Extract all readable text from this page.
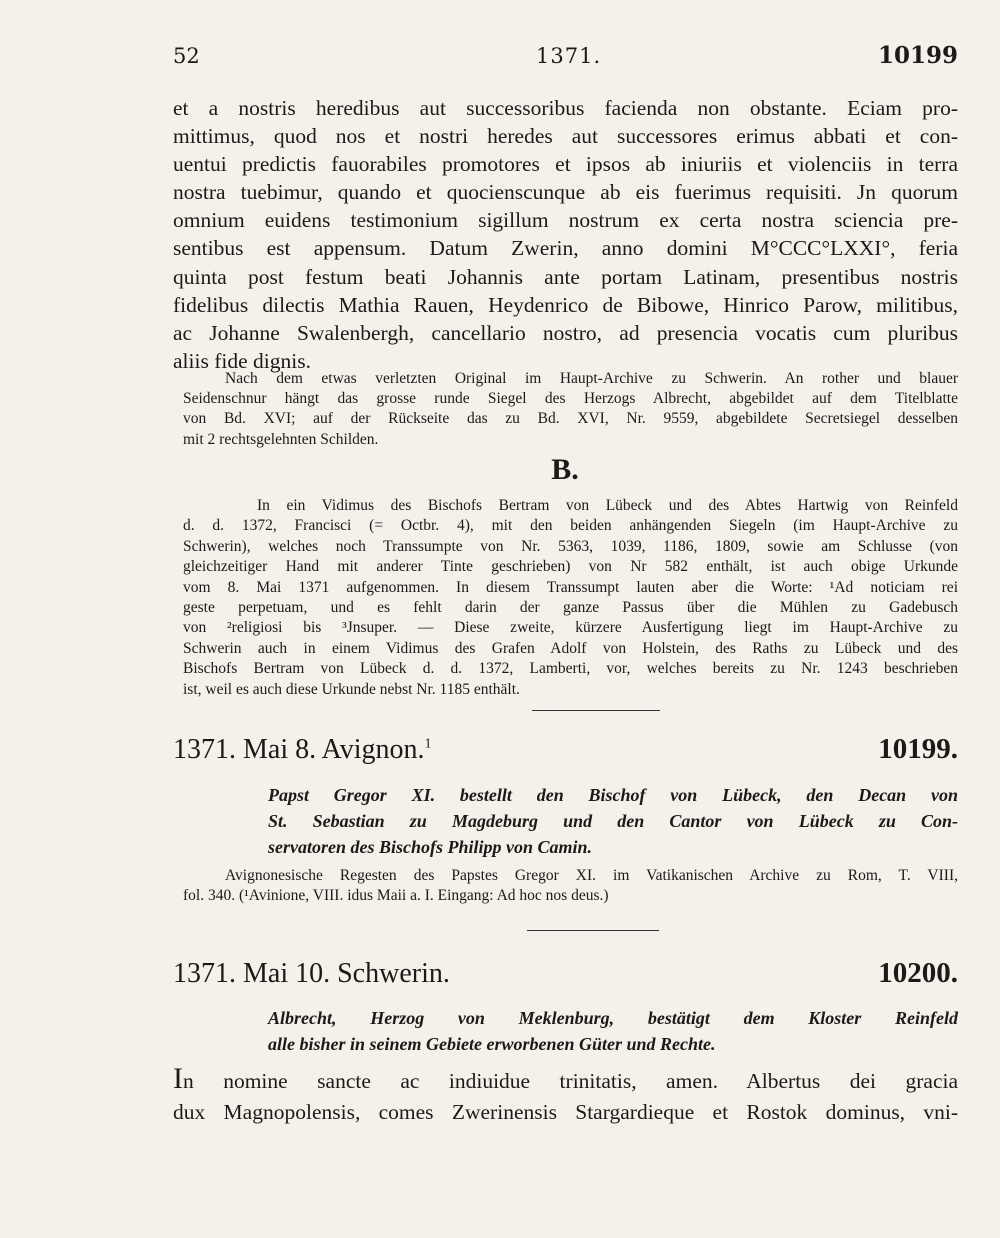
52	1371.	10199
et a nostris heredibus aut successoribus facienda non obstante. Eciam pro-
mittimus, quod nos et nostri heredes aut successores erimus abbati et con-
uentui predictis fauorabiles promotores et ipsos ab iniuriis et violenciis in terra
nostra tuebimur, quando et quocienscunque ab eis fuerimus requisiti. Jn quorum
omnium euidens testimonium sigillum nostrum ex certa nostra sciencia pre-
sentibus est appensum. Datum Zwerin, anno domini M°CCC°LXXI°, feria
quinta post festum beati Johannis ante portam Latinam, presentibus nostris
fidelibus dilectis Mathia Rauen, Heydenrico de Bibowe, Hinrico Parow, militibus,
ac Johanne Swalenbergh, cancellario nostro, ad presencia vocatis cum pluribus
aliis fide dignis.
Nach dem etwas verletzten Original im Haupt-Archive zu Schwerin. An rother und blauer
Seidenschnur hängt das grosse runde Siegel des Herzogs Albrecht, abgebildet auf dem Titelblatte
von Bd. XVI; auf der Rückseite das zu Bd. XVI, Nr. 9559, abgebildete Secretsiegel desselben
mit 2 rechtsgelehnten Schilden.
B.
In ein Vidimus des Bischofs Bertram von Lübeck und des Abtes Hartwig von Reinfeld
d. d. 1372, Francisci (= Octbr. 4), mit den beiden anhängenden Siegeln (im Haupt-Archive zu
Schwerin), welches noch Transsumpte von Nr. 5363, 1039, 1186, 1809, sowie am Schlusse (von
gleichzeitiger Hand mit anderer Tinte geschrieben) von Nr 582 enthält, ist auch obige Urkunde
vom 8. Mai 1371 aufgenommen. In diesem Transsumpt lauten aber die Worte: ¹Ad noticiam rei
geste perpetuam, und es fehlt darin der ganze Passus über die Mühlen zu Gadebusch
von ²religiosi bis ³Jnsuper. — Diese zweite, kürzere Ausfertigung liegt im Haupt-Archive zu
Schwerin auch in einem Vidimus des Grafen Adolf von Holstein, des Raths zu Lübeck und des
Bischofs Bertram von Lübeck d. d. 1372, Lamberti, vor, welches bereits zu Nr. 1243 beschrieben
ist, weil es auch diese Urkunde nebst Nr. 1185 enthält.
1371. Mai 8. Avignon.$^1$	10199.
Papst Gregor XI. bestellt den Bischof von Lübeck, den Decan von
St. Sebastian zu Magdeburg und den Cantor von Lübeck zu Con-
servatoren des Bischofs Philipp von Camin.
Avignonesische Regesten des Papstes Gregor XI. im Vatikanischen Archive zu Rom, T. VIII,
fol. 340. (¹Avinione, VIII. idus Maii a. I. Eingang: Ad hoc nos deus.)
1371. Mai 10. Schwerin.	10200.
Albrecht, Herzog von Meklenburg, bestätigt dem Kloster Reinfeld
alle bisher in seinem Gebiete erworbenen Güter und Rechte.
In nomine sancte ac indiuidue trinitatis, amen. Albertus dei gracia
dux Magnopolensis, comes Zwerinensis Stargardieque et Rostok dominus, vni-
